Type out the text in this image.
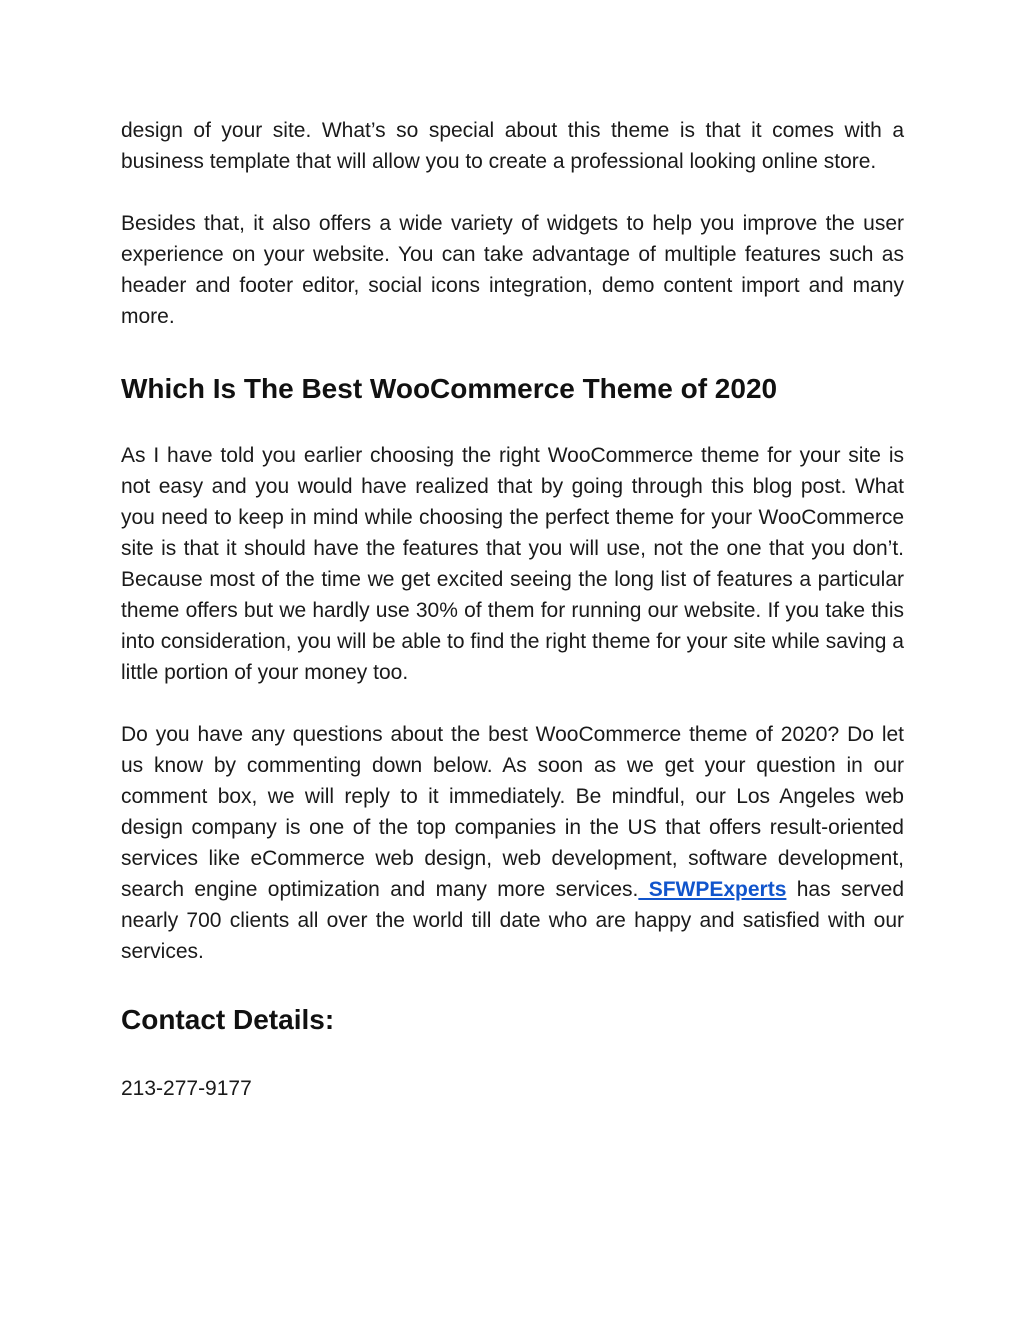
design of your site. What’s so special about this theme is that it comes with a business template that will allow you to create a professional looking online store.

Besides that, it also offers a wide variety of widgets to help you improve the user experience on your website. You can take advantage of multiple features such as header and footer editor, social icons integration, demo content import and many more.

Which Is The Best WooCommerce Theme of 2020

As I have told you earlier choosing the right WooCommerce theme for your site is not easy and you would have realized that by going through this blog post. What you need to keep in mind while choosing the perfect theme for your WooCommerce site is that it should have the features that you will use, not the one that you don’t. Because most of the time we get excited seeing the long list of features a particular theme offers but we hardly use 30% of them for running our website. If you take this into consideration, you will be able to find the right theme for your site while saving a little portion of your money too.

Do you have any questions about the best WooCommerce theme of 2020? Do let us know by commenting down below. As soon as we get your question in our comment box, we will reply to it immediately. Be mindful, our Los Angeles web design company is one of the top companies in the US that offers result-oriented services like eCommerce web design, web development, software development, search engine optimization and many more services. SFWPExperts has served nearly 700 clients all over the world till date who are happy and satisfied with our services.

Contact Details:

213-277-9177
